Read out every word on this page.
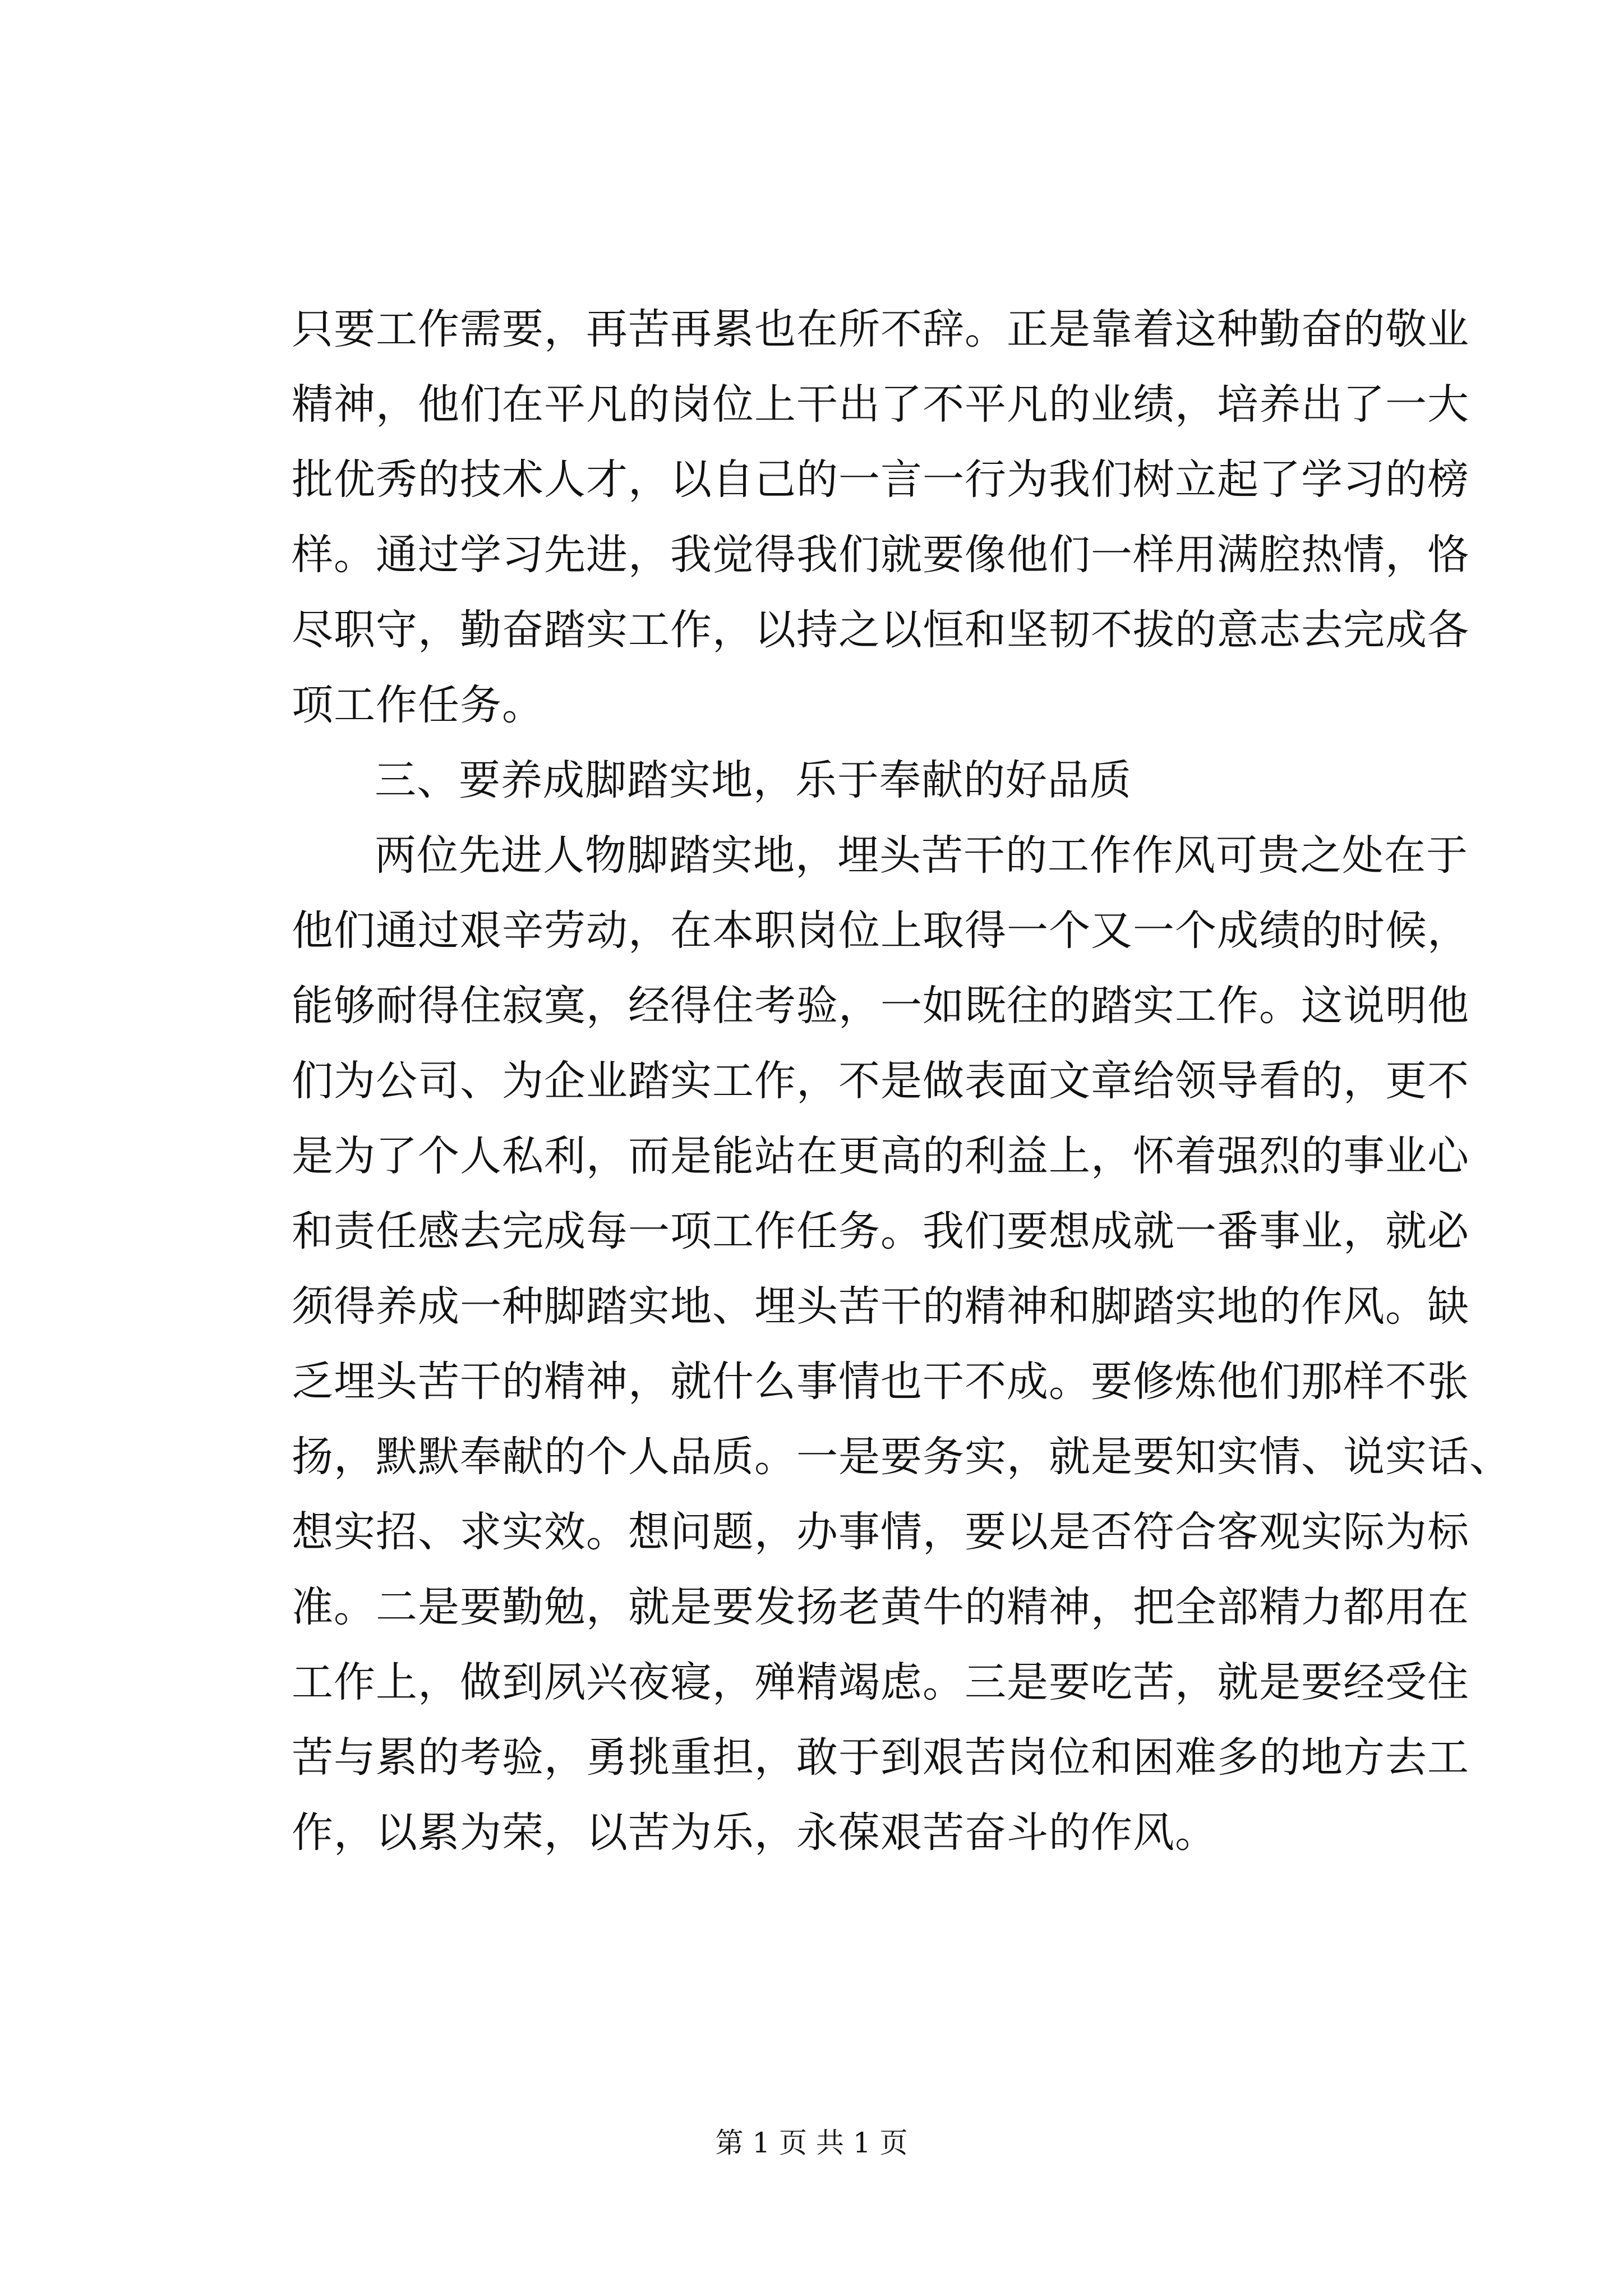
只要工作需要，再苦再累也在所不辞。正是靠着这种勤奋的敬业
精神，他们在平凡的岗位上干出了不平凡的业绩，培养出了一大
批优秀的技术人才，以自己的一言一行为我们树立起了学习的榜
样。通过学习先进，我觉得我们就要像他们一样用满腔热情，恪
尽职守，勤奋踏实工作，以持之以恒和坚韧不拔的意志去完成各
项工作任务。
三、要养成脚踏实地，乐于奉献的好品质
两位先进人物脚踏实地，埋头苦干的工作作风可贵之处在于
他们通过艰辛劳动，在本职岗位上取得一个又一个成绩的时候，
能够耐得住寂寞，经得住考验，一如既往的踏实工作。这说明他
们为公司、为企业踏实工作，不是做表面文章给领导看的，更不
是为了个人私利，而是能站在更高的利益上，怀着强烈的事业心
和责任感去完成每一项工作任务。我们要想成就一番事业，就必
须得养成一种脚踏实地、埋头苦干的精神和脚踏实地的作风。缺
乏埋头苦干的精神，就什么事情也干不成。要修炼他们那样不张
扬，默默奉献的个人品质。一是要务实，就是要知实情、说实话、
想实招、求实效。想问题，办事情，要以是否符合客观实际为标
准。二是要勤勉，就是要发扬老黄牛的精神，把全部精力都用在
工作上，做到夙兴夜寝，殚精竭虑。三是要吃苦，就是要经受住
苦与累的考验，勇挑重担，敢于到艰苦岗位和困难多的地方去工
作，以累为荣，以苦为乐，永葆艰苦奋斗的作风。
第 1 页 共 1 页
